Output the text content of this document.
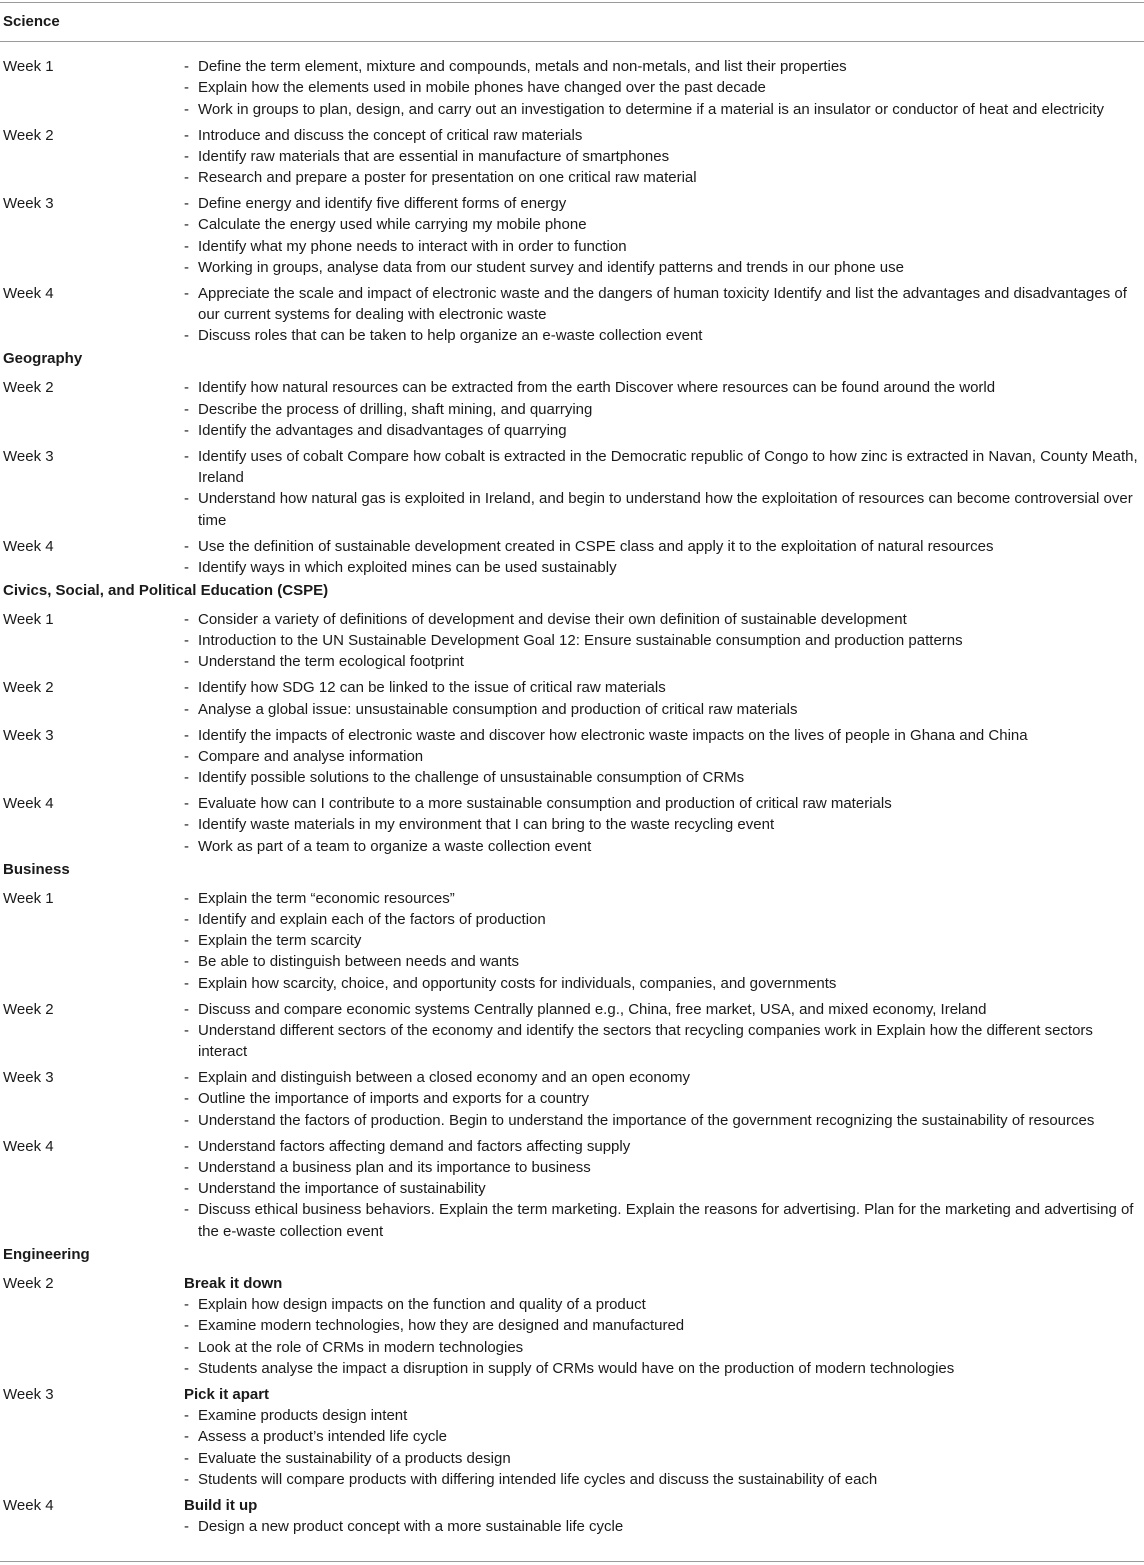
Science
Week 1	- Define the term element, mixture and compounds, metals and non-metals, and list their properties
- Explain how the elements used in mobile phones have changed over the past decade
- Work in groups to plan, design, and carry out an investigation to determine if a material is an insulator or conductor of heat and electricity
Week 2	- Introduce and discuss the concept of critical raw materials
- Identify raw materials that are essential in manufacture of smartphones
- Research and prepare a poster for presentation on one critical raw material
Week 3	- Define energy and identify five different forms of energy
- Calculate the energy used while carrying my mobile phone
- Identify what my phone needs to interact with in order to function
- Working in groups, analyse data from our student survey and identify patterns and trends in our phone use
Week 4	- Appreciate the scale and impact of electronic waste and the dangers of human toxicity Identify and list the advantages and disadvantages of our current systems for dealing with electronic waste
- Discuss roles that can be taken to help organize an e-waste collection event
Geography
Week 2	- Identify how natural resources can be extracted from the earth Discover where resources can be found around the world
- Describe the process of drilling, shaft mining, and quarrying
- Identify the advantages and disadvantages of quarrying
Week 3	- Identify uses of cobalt Compare how cobalt is extracted in the Democratic republic of Congo to how zinc is extracted in Navan, County Meath, Ireland
- Understand how natural gas is exploited in Ireland, and begin to understand how the exploitation of resources can become controversial over time
Week 4	- Use the definition of sustainable development created in CSPE class and apply it to the exploitation of natural resources
- Identify ways in which exploited mines can be used sustainably
Civics, Social, and Political Education (CSPE)
Week 1	- Consider a variety of definitions of development and devise their own definition of sustainable development
- Introduction to the UN Sustainable Development Goal 12: Ensure sustainable consumption and production patterns
- Understand the term ecological footprint
Week 2	- Identify how SDG 12 can be linked to the issue of critical raw materials
- Analyse a global issue: unsustainable consumption and production of critical raw materials
Week 3	- Identify the impacts of electronic waste and discover how electronic waste impacts on the lives of people in Ghana and China
- Compare and analyse information
- Identify possible solutions to the challenge of unsustainable consumption of CRMs
Week 4	- Evaluate how can I contribute to a more sustainable consumption and production of critical raw materials
- Identify waste materials in my environment that I can bring to the waste recycling event
- Work as part of a team to organize a waste collection event
Business
Week 1	- Explain the term “economic resources”
- Identify and explain each of the factors of production
- Explain the term scarcity
- Be able to distinguish between needs and wants
- Explain how scarcity, choice, and opportunity costs for individuals, companies, and governments
Week 2	- Discuss and compare economic systems Centrally planned e.g., China, free market, USA, and mixed economy, Ireland
- Understand different sectors of the economy and identify the sectors that recycling companies work in Explain how the different sectors interact
Week 3	- Explain and distinguish between a closed economy and an open economy
- Outline the importance of imports and exports for a country
- Understand the factors of production. Begin to understand the importance of the government recognizing the sustainability of resources
Week 4	- Understand factors affecting demand and factors affecting supply
- Understand a business plan and its importance to business
- Understand the importance of sustainability
- Discuss ethical business behaviors. Explain the term marketing. Explain the reasons for advertising. Plan for the marketing and advertising of the e-waste collection event
Engineering
Week 2	Break it down
- Explain how design impacts on the function and quality of a product
- Examine modern technologies, how they are designed and manufactured
- Look at the role of CRMs in modern technologies
- Students analyse the impact a disruption in supply of CRMs would have on the production of modern technologies
Week 3	Pick it apart
- Examine products design intent
- Assess a product’s intended life cycle
- Evaluate the sustainability of a products design
- Students will compare products with differing intended life cycles and discuss the sustainability of each
Week 4	Build it up
- Design a new product concept with a more sustainable life cycle
